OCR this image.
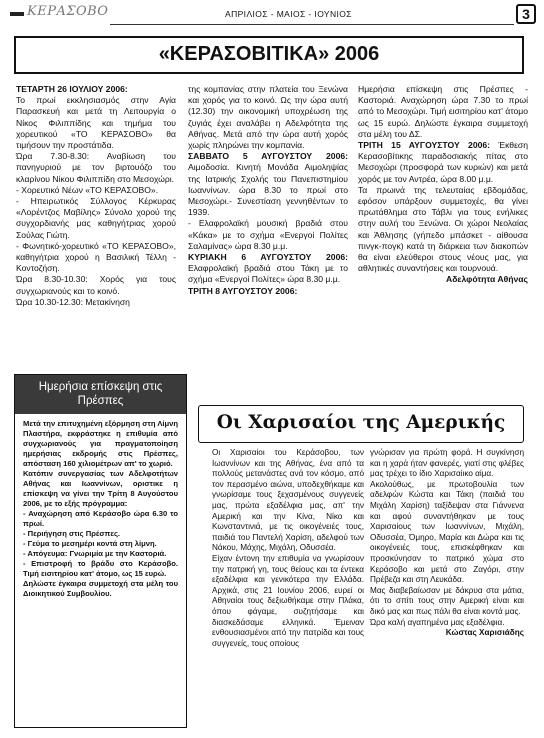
ΚΕΡΑΣΟΒΟ	ΑΠΡΙΛΙΟΣ - ΜΑΙΟΣ - ΙΟΥΝΙΟΣ	3
«ΚΕΡΑΣΟΒΙΤΙΚΑ» 2006

ΤΕΤΑΡΤΗ 26 ΙΟΥΛΙΟΥ 2006:

Το πρωί εκκλησιασμός στην Αγία Παρασκευή και μετά τη Λειτουργία ο Νίκος Φιλιππίδης και τημήμα του χορευτικού «ΤΟ ΚΕΡΑΣΟΒΟ» θα τιμήσουν την προστάτιδα.

Ώρα 7.30-8.30: Αναβίωση του πανηγυριού με τον βιρτουόζο του κλαρίνου Νίκου Φιλιππίδη στο Μεσοχώρι.

- Χορευτικό Νέων «ΤΟ ΚΕΡΑΣΟΒΟ».

- Ηπειρωτικός Σύλλογος Κέρκυρας «Λορέντζος Μαβίλης» Σύνολο χορού της συγχορδιανής μας καθηγήτριας χορού Σούλας Γιώτη.

- Φωνητικό-χορευτικό «ΤΟ ΚΕΡΑΣΟΒΟ», καθηγήτρια χορού η Βασιλική Τέλλη - Κοντοζήση.

Ώρα 8.30-10.30: Χορός για τους συγχωριανούς και το κοινό.

Ώρα 10.30-12.30: Μετακίνηση

της κομπανίας στην πλατεία του Ξενώνα και χορός για το κοινό. Ως την ώρα αυτή (12.30) την οικονομική υποχρέωση της ζυγιάς έχει αναλάβει η Αδελφότητα της Αθήνας. Μετά από την ώρα αυτή χορός χωρίς πληρώνει την κομπανία.

ΣΑΒΒΑΤΟ 5 ΑΥΓΟΥΣΤΟΥ 2006: Αιμοδοσία. Κινητή Μονάδα Αιμοληψίας της Ιατρικής Σχολής του Πανεπιστημίου Ιωαννίνων. ώρα 8.30 το πρωί στο Μεσοχώρι.- Συνεστίαση γεννηθέντων το 1939.

- Ελαφρολαϊκή μουσική βραδιά στου «Κάκα» με το σχήμα «Ενεργοί Πολίτες Σαλαμίνας» ώρα 8.30 μ.μ.

ΚΥΡΙΑΚΗ 6 ΑΥΓΟΥΣΤΟΥ 2006: Ελαφρολαϊκή βραδιά στου Τάκη με το σχήμα «Ενεργοί Πολίτες» ώρα 8.30 μ.μ.

ΤΡΙΤΗ 8 ΑΥΓΟΥΣΤΟΥ 2006:

Ημερήσια επίσκεψη στις Πρέσπες - Καστοριά. Αναχώρηση ώρα 7.30 το πρωί από το Μεσοχώρι. Τιμή εισιτηρίου κατ' άτομο ως 15 ευρώ. Δηλώστε έγκαιρα συμμετοχή στα μέλη του ΔΣ.

ΤΡΙΤΗ 15 ΑΥΓΟΥΣΤΟΥ 2006: Έκθεση Κερασοβίτικης παραδοσιακής πίτας στο Μεσοχώρι (προσφορά των κυριών) και μετά χορός με τον Αντρέα, ώρα 8.00 μ.μ.

Τα πρωινά της τελευταίας εβδομάδας, εφόσον υπάρξουν συμμετοχές, θα γίνει πρωτάθλημα στο Τάβλι για τους ενήλικες στην αυλή του Ξενώνα. Οι χώροι Νεολαίας και Άθλησης (γήπεδο μπάσκετ - αίθουσα πινγκ-πογκ) κατά τη διάρκεια των διακοπών θα είναι ελεύθεροι στους νέους μας, για αθλητικές συναντήσεις και τουρνουά.

Αδελφότητα Αθήνας

Ημερήσια επίσκεψη στις Πρέσπες

Μετά την επιτυχημένη εξόρμηση στη Λίμνη Πλαστήρα, εκφράστηκε η επιθυμία από συγχωριανούς για πραγματοποίηση ημερήσιας εκδρομής στις Πρέσπες, απόσταση 160 χιλιομέτρων απ' το χωριό.

Κατόπιν συνεργασίας των Αδελφοτήτων Αθήνας και Ιωαννίνων, οριστικε η επίσκεψη να γίνει την Τρίτη 8 Αυγούστου 2006, με το εξής πρόγραμμα:

- Αναχώρηση από Κεράσοβο ώρα 6.30 το πρωί.

- Περιήγηση στις Πρέσπες.

- Γεύμα το μεσημέρι κοντά στη λίμνη.

- Απόγευμα: Γνωριμία με την Καστοριά.

- Επιστροφή το βράδυ στο Κεράσοβο. Τιμή εισιτηρίου κατ' άτομο, ως 15 ευρώ.

Δηλώστε έγκαιρα συμμετοχή στα μέλη του Διοικητικού Συμβουλίου.

Οι Χαρισαίοι της Αμερικής

Οι Χαρισαίοι του Κεράσοβου, των Ιωαννίνων και της Αθήνας, ένα από τα πολλούς μετανάστες ανά τον κόσμο, από τον περασμένο αιώνα, υποδεχθήκαμε και γνωρίσαμε τους ξεχασμένους συγγενείς μας, πρώτα εξαδέλφια μας, απ' την Αμερική και την Κίνα, Νίκο και Κωνσταντινιά, με τις οικογένειές τους, παιδιά του Παντελή Χαρίση, αδελφού των Νάκου, Μάχης, Μιχάλη, Οδυσσέα.

Είχαν έντονη την επιθυμία να γνωρίσουν την πατρική γη, τους θείους και τα έντεκα εξαδέλφια και γενικότερα την Ελλάδα. Αρχικά, στις 21 Ιουνίου 2006, ευρεί οι Αθηναίοι τους δεξιωθήκαμε στην Πλάκα, όπου φάγαμε, συζητήσαμε και διασκεδάσαμε ελληνικά. Έμειναν ενθουσιασμένοι από την πατρίδα και τους συγγενείς, τους οποίους

γνώρισαν για πρώτη φορά. Η συγκίνηση και η χαρά ήταν φανερές, γιατί στις φλέβες μας τρέχει το ίδιο Χαρισαίικο αίμα.

Ακολούθως, με πρωτοβουλία των αδελφών Κώστα και Τάκη (παιδιά του Μιχάλη Χαρίση) ταξίδεψαν στα Γιάννενα και αφού συναντήθηκαν με τους Χαρισαίους των Ιωαννίνων, Μιχάλη, Οδυσσέα, Όμηρο, Μαρία και Δώρα και τις οικογένειές τους, επισκέφθηκαν και προσκύνησαν το πατρικό χώμα στο Κεράσοβο και μετά στο Ζαγόρι, στην Πρέβεζα και στη Λευκάδα.

Μας διαβεβαίωσαν με δάκρυα στα μάτια, ότι το σπίτι τους στην Αμερική είναι και δικό μας και πως πάλι θα είναι κοντά μας.

Ώρα καλή αγαπημένα μας εξαδέλφια.

Κώστας Χαρισιάδης
